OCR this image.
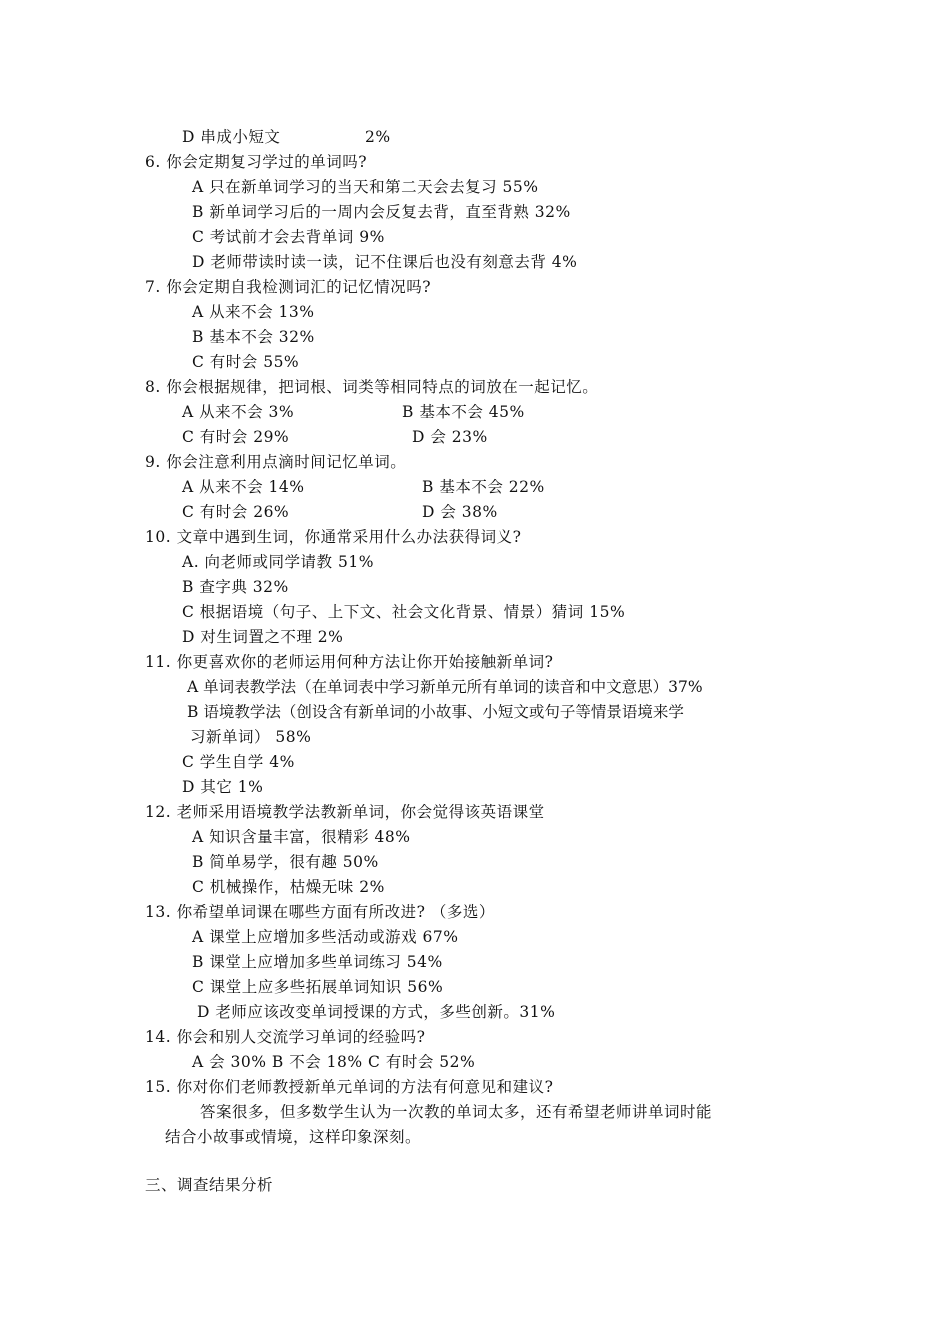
D 串成小短文	2%
6. 你会定期复习学过的单词吗?
A 只在新单词学习的当天和第二天会去复习 55%
B 新单词学习后的一周内会反复去背，直至背熟 32%
C 考试前才会去背单词 9%
D 老师带读时读一读，记不住课后也没有刻意去背 4%
7. 你会定期自我检测词汇的记忆情况吗?
A 从来不会 13%
B 基本不会 32%
C 有时会 55%
8. 你会根据规律，把词根、词类等相同特点的词放在一起记忆。
A 从来不会 3%	B 基本不会 45%
C 有时会 29%	D 会 23%
9. 你会注意利用点滴时间记忆单词。
A 从来不会 14%	B 基本不会 22%
C 有时会 26%	D 会 38%
10. 文章中遇到生词，你通常采用什么办法获得词义?
A. 向老师或同学请教 51%
B 查字典 32%
C 根据语境（句子、上下文、社会文化背景、情景）猜词 15%
D 对生词置之不理 2%
11. 你更喜欢你的老师运用何种方法让你开始接触新单词?
A 单词表教学法（在单词表中学习新单元所有单词的读音和中文意思）37%
B 语境教学法（创设含有新单词的小故事、小短文或句子等情景语境来学
习新单词） 58%
C 学生自学 4%
D 其它 1%
12. 老师采用语境教学法教新单词，你会觉得该英语课堂
A 知识含量丰富，很精彩 48%
B 简单易学，很有趣 50%
C 机械操作，枯燥无味 2%
13. 你希望单词课在哪些方面有所改进? （多选）
A 课堂上应增加多些活动或游戏 67%
B 课堂上应增加多些单词练习 54%
C 课堂上应多些拓展单词知识 56%
D 老师应该改变单词授课的方式，多些创新。31%
14. 你会和别人交流学习单词的经验吗?
A 会 30% B 不会 18% C 有时会 52%
15. 你对你们老师教授新单元单词的方法有何意见和建议?
答案很多，但多数学生认为一次教的单词太多，还有希望老师讲单词时能
结合小故事或情境，这样印象深刻。
三、调查结果分析
